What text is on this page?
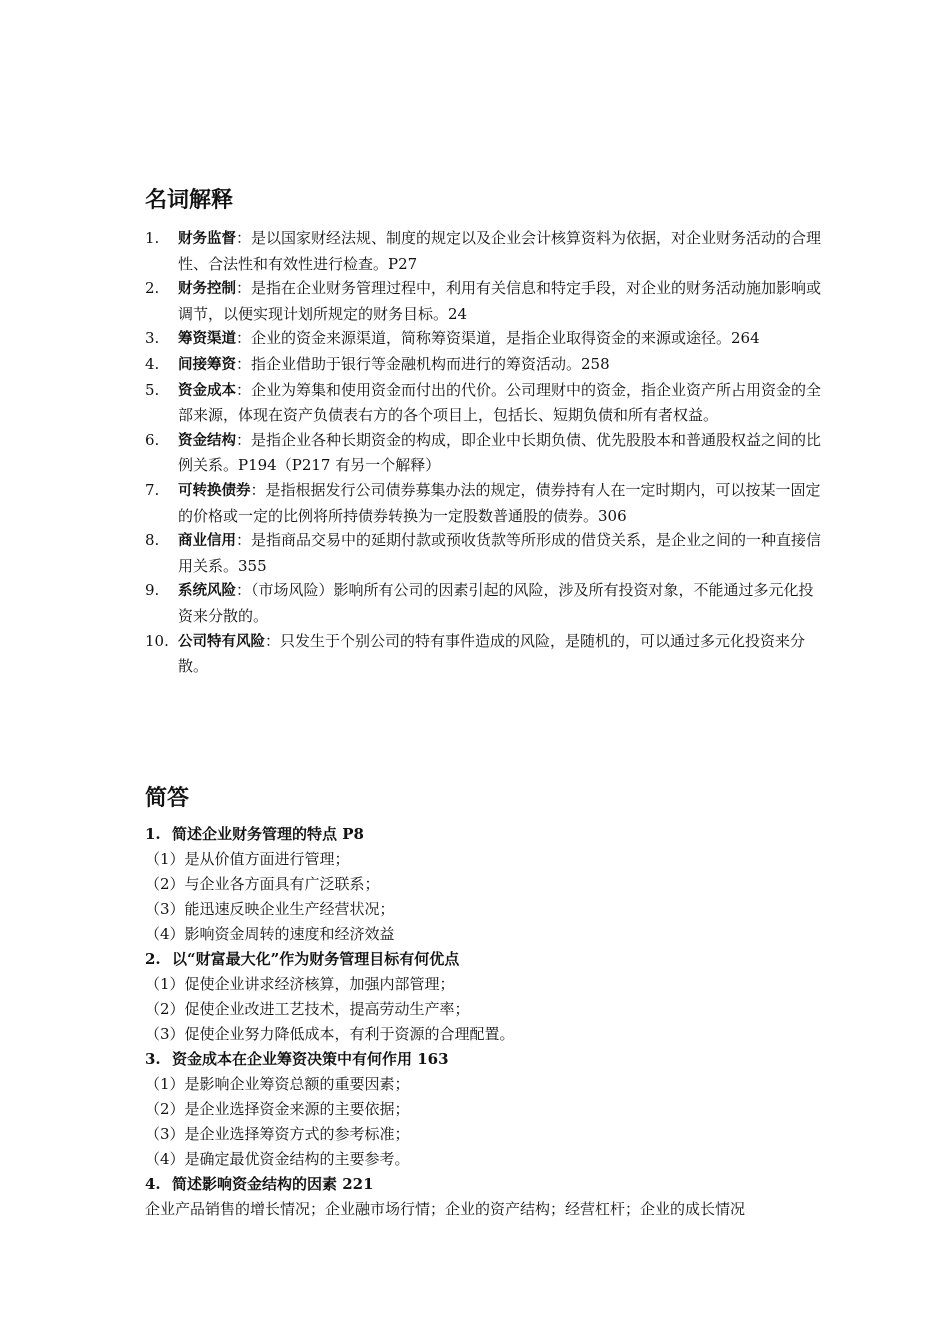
名词解释
1. 财务监督：是以国家财经法规、制度的规定以及企业会计核算资料为依据，对企业财务活动的合理性、合法性和有效性进行检查。P27
2. 财务控制：是指在企业财务管理过程中，利用有关信息和特定手段，对企业的财务活动施加影响或调节，以便实现计划所规定的财务目标。24
3. 筹资渠道：企业的资金来源渠道，简称筹资渠道，是指企业取得资金的来源或途径。264
4. 间接筹资：指企业借助于银行等金融机构而进行的筹资活动。258
5. 资金成本：企业为筹集和使用资金而付出的代价。公司理财中的资金，指企业资产所占用资金的全部来源，体现在资产负债表右方的各个项目上，包括长、短期负债和所有者权益。
6. 资金结构：是指企业各种长期资金的构成，即企业中长期负债、优先股股本和普通股权益之间的比例关系。P194（P217 有另一个解释）
7. 可转换债券：是指根据发行公司债券募集办法的规定，债券持有人在一定时期内，可以按某一固定的价格或一定的比例将所持债券转换为一定股数普通股的债券。306
8. 商业信用：是指商品交易中的延期付款或预收货款等所形成的借贷关系，是企业之间的一种直接信用关系。355
9. 系统风险：（市场风险）影响所有公司的因素引起的风险，涉及所有投资对象，不能通过多元化投资来分散的。
10. 公司特有风险：只发生于个别公司的特有事件造成的风险，是随机的，可以通过多元化投资来分散。
简答

1. 简述企业财务管理的特点 P8

（1）是从价值方面进行管理；

（2）与企业各方面具有广泛联系；

（3）能迅速反映企业生产经营状况；

（4）影响资金周转的速度和经济效益

2. 以“财富最大化”作为财务管理目标有何优点

（1）促使企业讲求经济核算，加强内部管理；

（2）促使企业改进工艺技术，提高劳动生产率；

（3）促使企业努力降低成本，有利于资源的合理配置。

3. 资金成本在企业筹资决策中有何作用 163

（1）是影响企业筹资总额的重要因素；

（2）是企业选择资金来源的主要依据；

（3）是企业选择筹资方式的参考标准；

（4）是确定最优资金结构的主要参考。

4. 简述影响资金结构的因素 221

企业产品销售的增长情况；企业融市场行情；企业的资产结构；经营杠杆；企业的成长情况
